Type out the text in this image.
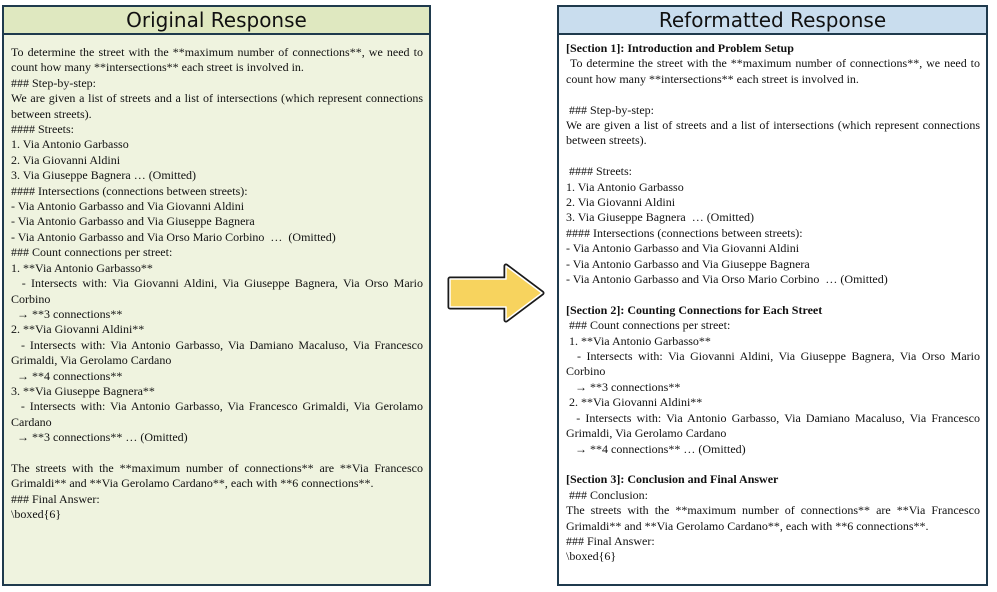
Original Response
To determine the street with the **maximum number of connections**, we need to count how many **intersections** each street is involved in.
### Step-by-step:
We are given a list of streets and a list of intersections (which represent connections between streets).
#### Streets:
1. Via Antonio Garbasso
2. Via Giovanni Aldini
3. Via Giuseppe Bagnera … (Omitted)
#### Intersections (connections between streets):
- Via Antonio Garbasso and Via Giovanni Aldini
- Via Antonio Garbasso and Via Giuseppe Bagnera
- Via Antonio Garbasso and Via Orso Mario Corbino  …  (Omitted)
### Count connections per street:
1. **Via Antonio Garbasso**
- Intersects with: Via Giovanni Aldini, Via Giuseppe Bagnera, Via Orso Mario Corbino
→ **3 connections**
2. **Via Giovanni Aldini**
- Intersects with: Via Antonio Garbasso, Via Damiano Macaluso, Via Francesco Grimaldi, Via Gerolamo Cardano
→ **4 connections**
3. **Via Giuseppe Bagnera**
- Intersects with: Via Antonio Garbasso, Via Francesco Grimaldi, Via Gerolamo Cardano
→ **3 connections** … (Omitted)
The streets with the **maximum number of connections** are **Via Francesco Grimaldi** and **Via Gerolamo Cardano**, each with **6 connections**.
### Final Answer:
\boxed{6}
Reformatted Response
[Section 1]: Introduction and Problem Setup
To determine the street with the **maximum number of connections**, we need to count how many **intersections** each street is involved in.
### Step-by-step:
We are given a list of streets and a list of intersections (which represent connections between streets).
#### Streets:
1. Via Antonio Garbasso
2. Via Giovanni Aldini
3. Via Giuseppe Bagnera  … (Omitted)
#### Intersections (connections between streets):
- Via Antonio Garbasso and Via Giovanni Aldini
- Via Antonio Garbasso and Via Giuseppe Bagnera
- Via Antonio Garbasso and Via Orso Mario Corbino  … (Omitted)
[Section 2]: Counting Connections for Each Street
### Count connections per street:
1. **Via Antonio Garbasso**
- Intersects with: Via Giovanni Aldini, Via Giuseppe Bagnera, Via Orso Mario Corbino
→ **3 connections**
2. **Via Giovanni Aldini**
- Intersects with: Via Antonio Garbasso, Via Damiano Macaluso, Via Francesco Grimaldi, Via Gerolamo Cardano
→ **4 connections** … (Omitted)
[Section 3]: Conclusion and Final Answer
### Conclusion:
The streets with the **maximum number of connections** are **Via Francesco Grimaldi** and **Via Gerolamo Cardano**, each with **6 connections**.
### Final Answer:
\boxed{6}
